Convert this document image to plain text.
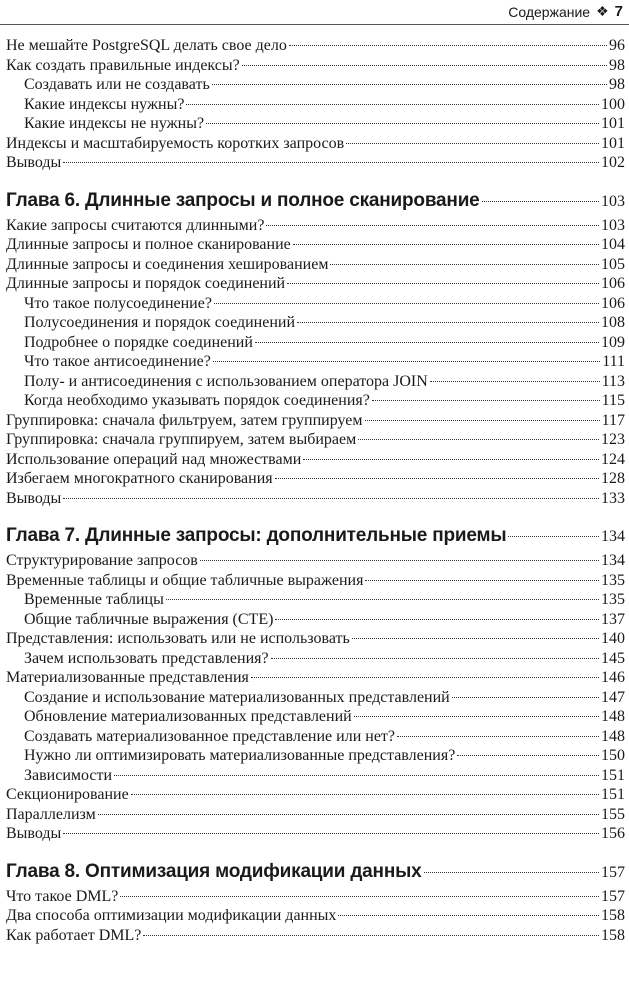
Содержание ❖ 7
Не мешайте PostgreSQL делать свое дело	96
Как создать правильные индексы?	98
Создавать или не создавать	98
Какие индексы нужны?	100
Какие индексы не нужны?	101
Индексы и масштабируемость коротких запросов	101
Выводы	102
Глава 6. Длинные запросы и полное сканирование	103
Какие запросы считаются длинными?	103
Длинные запросы и полное сканирование	104
Длинные запросы и соединения хешированием	105
Длинные запросы и порядок соединений	106
Что такое полусоединение?	106
Полусоединения и порядок соединений	108
Подробнее о порядке соединений	109
Что такое антисоединение?	111
Полу- и антисоединения с использованием оператора JOIN	113
Когда необходимо указывать порядок соединения?	115
Группировка: сначала фильтруем, затем группируем	117
Группировка: сначала группируем, затем выбираем	123
Использование операций над множествами	124
Избегаем многократного сканирования	128
Выводы	133
Глава 7. Длинные запросы: дополнительные приемы	134
Структурирование запросов	134
Временные таблицы и общие табличные выражения	135
Временные таблицы	135
Общие табличные выражения (CTE)	137
Представления: использовать или не использовать	140
Зачем использовать представления?	145
Материализованные представления	146
Создание и использование материализованных представлений	147
Обновление материализованных представлений	148
Создавать материализованное представление или нет?	148
Нужно ли оптимизировать материализованные представления?	150
Зависимости	151
Секционирование	151
Параллелизм	155
Выводы	156
Глава 8. Оптимизация модификации данных	157
Что такое DML?	157
Два способа оптимизации модификации данных	158
Как работает DML?	158
